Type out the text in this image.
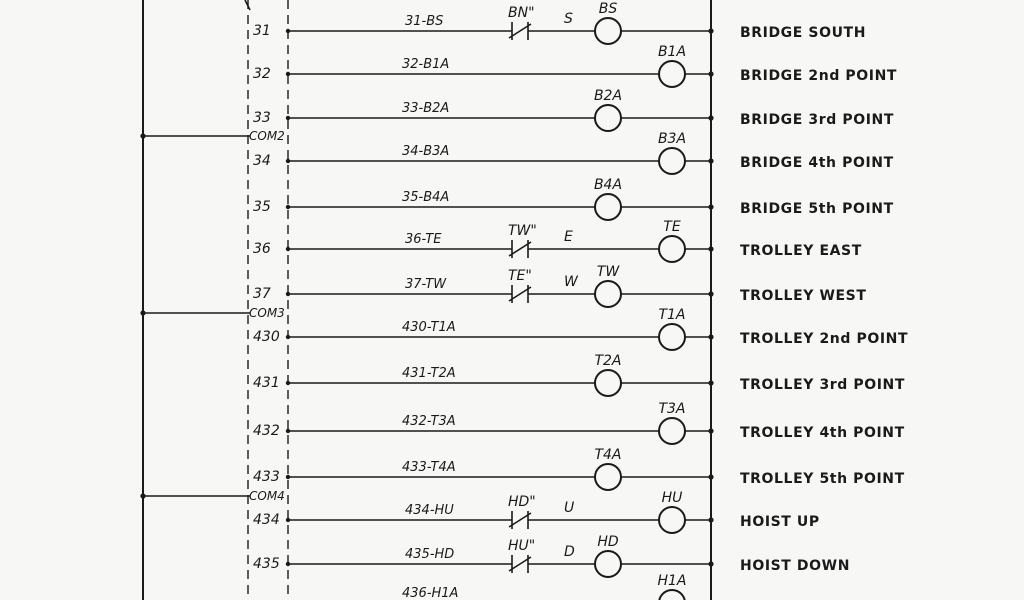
COM2
COM3
COM4
31
BN" S
31-BS
BS
BRIDGE SOUTH
32
32-B1A
B1A
BRIDGE 2nd POINT
33
33-B2A
B2A
BRIDGE 3rd POINT
34
34-B3A
B3A
BRIDGE 4th POINT
35
35-B4A
B4A
BRIDGE 5th POINT
36
TW" E
36-TE
TE
TROLLEY EAST
37
TE" W
37-TW
TW
TROLLEY WEST
430
430-T1A
T1A
TROLLEY 2nd POINT
431
431-T2A
T2A
TROLLEY 3rd POINT
432
432-T3A
T3A
TROLLEY 4th POINT
433
433-T4A
T4A
TROLLEY 5th POINT
434
HD" U
434-HU
HU
HOIST UP
435
HU" D
435-HD
HD
HOIST DOWN
436-H1A
H1A
